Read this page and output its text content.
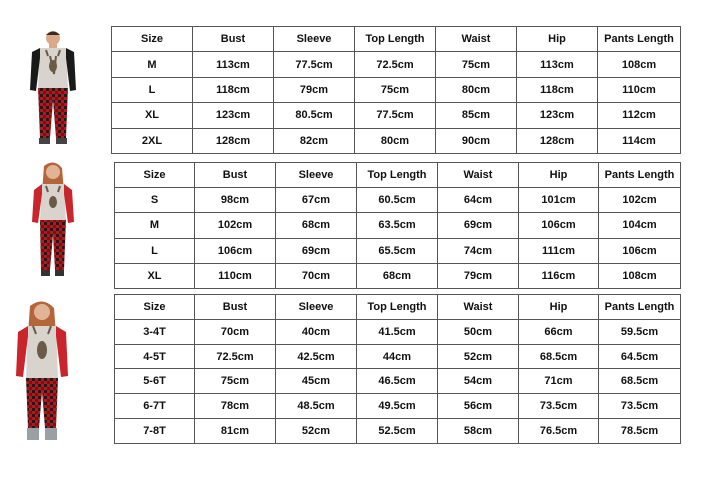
Size	Bust	Sleeve	Top Length	Waist	Hip	Pants Length
M	113cm	77.5cm	72.5cm	75cm	113cm	108cm
L	118cm	79cm	75cm	80cm	118cm	110cm
XL	123cm	80.5cm	77.5cm	85cm	123cm	112cm
2XL	128cm	82cm	80cm	90cm	128cm	114cm
Size	Bust	Sleeve	Top Length	Waist	Hip	Pants Length
S	98cm	67cm	60.5cm	64cm	101cm	102cm
M	102cm	68cm	63.5cm	69cm	106cm	104cm
L	106cm	69cm	65.5cm	74cm	111cm	106cm
XL	110cm	70cm	68cm	79cm	116cm	108cm
Size	Bust	Sleeve	Top Length	Waist	Hip	Pants Length
3-4T	70cm	40cm	41.5cm	50cm	66cm	59.5cm
4-5T	72.5cm	42.5cm	44cm	52cm	68.5cm	64.5cm
5-6T	75cm	45cm	46.5cm	54cm	71cm	68.5cm
6-7T	78cm	48.5cm	49.5cm	56cm	73.5cm	73.5cm
7-8T	81cm	52cm	52.5cm	58cm	76.5cm	78.5cm
